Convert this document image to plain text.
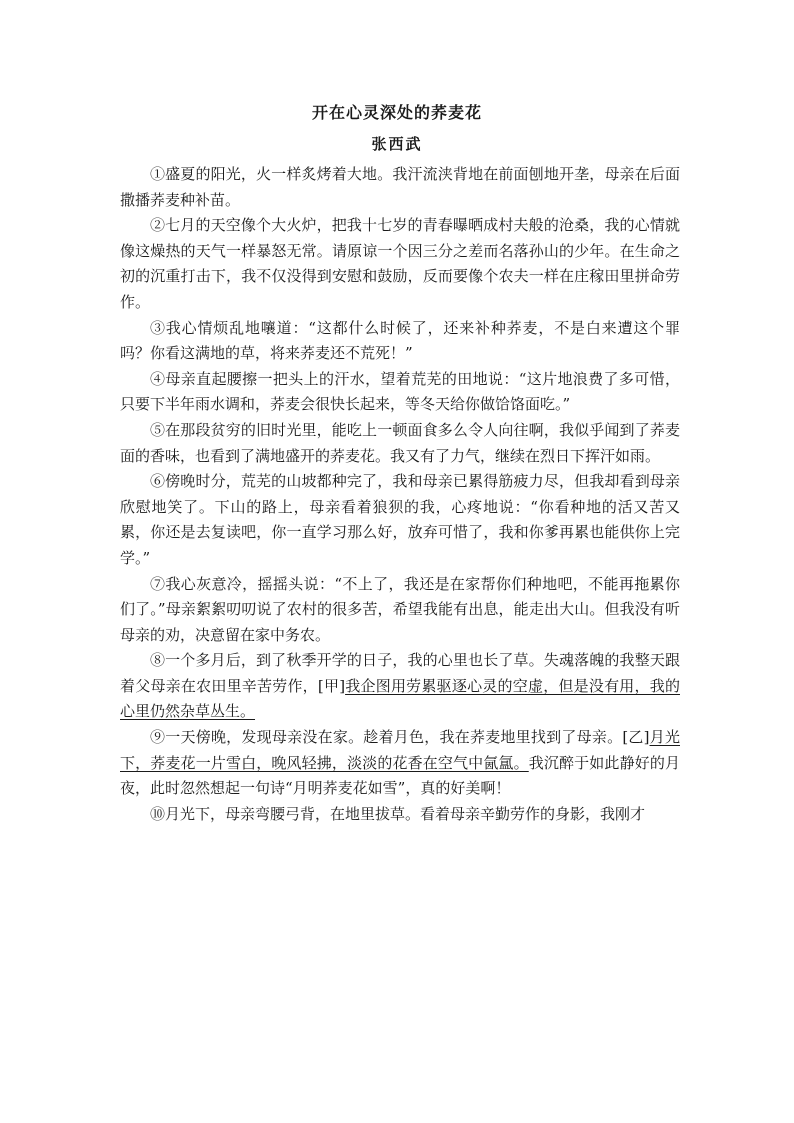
开在心灵深处的荞麦花
张西武

①盛夏的阳光，火一样炙烤着大地。我汗流浃背地在前面刨地开垄，母亲在后面撒播荞麦种补苗。

②七月的天空像个大火炉，把我十七岁的青春曝晒成村夫般的沧桑，我的心情就像这燥热的天气一样暴怒无常。请原谅一个因三分之差而名落孙山的少年。在生命之初的沉重打击下，我不仅没得到安慰和鼓励，反而要像个农夫一样在庄稼田里拼命劳作。

③我心情烦乱地嚷道：“这都什么时候了，还来补种荞麦，不是白来遭这个罪吗？你看这满地的草，将来荞麦还不荒死！”

④母亲直起腰擦一把头上的汗水，望着荒芜的田地说：“这片地浪费了多可惜，只要下半年雨水调和，荞麦会很快长起来，等冬天给你做饸饹面吃。”

⑤在那段贫穷的旧时光里，能吃上一顿面食多么令人向往啊，我似乎闻到了荞麦面的香味，也看到了满地盛开的荞麦花。我又有了力气，继续在烈日下挥汗如雨。

⑥傍晚时分，荒芜的山坡都种完了，我和母亲已累得筋疲力尽，但我却看到母亲欣慰地笑了。下山的路上，母亲看着狼狈的我，心疼地说：“你看种地的活又苦又累，你还是去复读吧，你一直学习那么好，放弃可惜了，我和你爹再累也能供你上完学。”

⑦我心灰意冷，摇摇头说：“不上了，我还是在家帮你们种地吧，不能再拖累你们了。”母亲絮絮叨叨说了农村的很多苦，希望我能有出息，能走出大山。但我没有听母亲的劝，决意留在家中务农。

⑧一个多月后，到了秋季开学的日子，我的心里也长了草。失魂落魄的我整天跟着父母亲在农田里辛苦劳作，[甲]我企图用劳累驱逐心灵的空虚，但是没有用，我的心里仍然杂草丛生。

⑨一天傍晚，发现母亲没在家。趁着月色，我在荞麦地里找到了母亲。[乙]月光下，荞麦花一片雪白，晚风轻拂，淡淡的花香在空气中氤氲。我沉醉于如此静好的月夜，此时忽然想起一句诗“月明荞麦花如雪”，真的好美啊！

⑩月光下，母亲弯腰弓背，在地里拔草。看着母亲辛勤劳作的身影，我刚才
